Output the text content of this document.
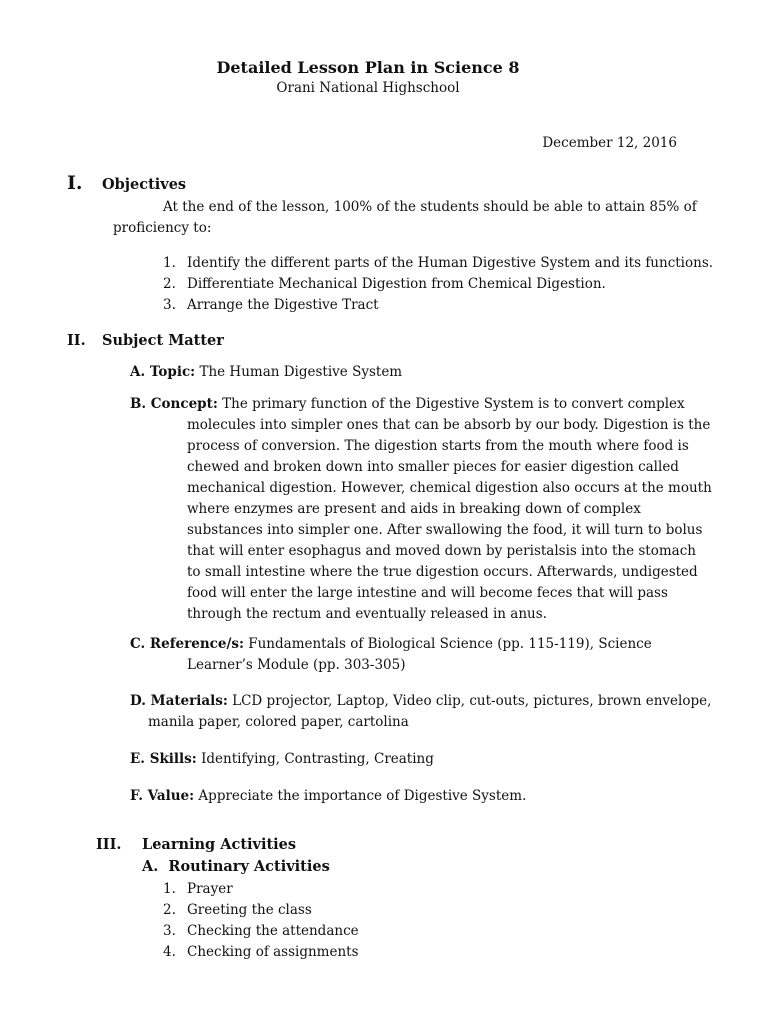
Detailed Lesson Plan in Science 8
Orani National Highschool
December 12, 2016
I. Objectives
At the end of the lesson, 100% of the students should be able to attain 85% of
proficiency to:
1. Identify the different parts of the Human Digestive System and its functions.
2. Differentiate Mechanical Digestion from Chemical Digestion.
3. Arrange the Digestive Tract
II. Subject Matter
A. Topic: The Human Digestive System
B. Concept: The primary function of the Digestive System is to convert complex
molecules into simpler ones that can be absorb by our body. Digestion is the
process of conversion. The digestion starts from the mouth where food is
chewed and broken down into smaller pieces for easier digestion called
mechanical digestion. However, chemical digestion also occurs at the mouth
where enzymes are present and aids in breaking down of complex
substances into simpler one. After swallowing the food, it will turn to bolus
that will enter esophagus and moved down by peristalsis into the stomach
to small intestine where the true digestion occurs. Afterwards, undigested
food will enter the large intestine and will become feces that will pass
through the rectum and eventually released in anus.
C. Reference/s: Fundamentals of Biological Science (pp. 115-119), Science
Learner’s Module (pp. 303-305)
D. Materials: LCD projector, Laptop, Video clip, cut-outs, pictures, brown envelope,
manila paper, colored paper, cartolina
E. Skills: Identifying, Contrasting, Creating
F. Value: Appreciate the importance of Digestive System.
III. Learning Activities
A.  Routinary Activities
1. Prayer
2. Greeting the class
3. Checking the attendance
4. Checking of assignments
